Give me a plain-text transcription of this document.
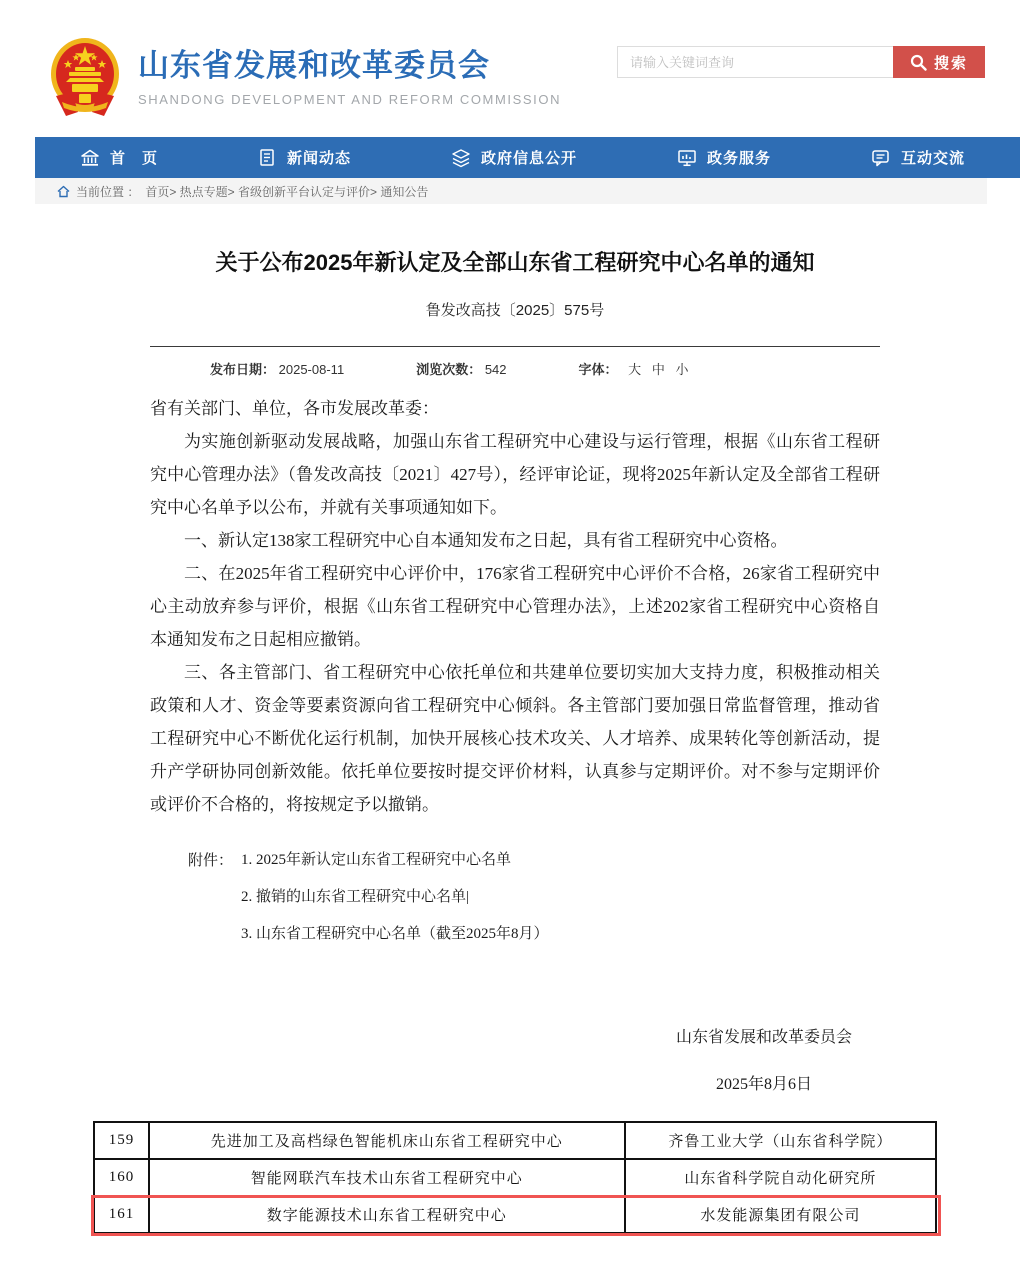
山东省发展和改革委员会
SHANDONG DEVELOPMENT AND REFORM COMMISSION
请输入关键词查询
搜索
首　页	新闻动态	政府信息公开	政务服务	互动交流
当前位置 ： 首页> 热点专题> 省级创新平台认定与评价> 通知公告
关于公布2025年新认定及全部山东省工程研究中心名单的通知
鲁发改高技〔2025〕575号
发布日期： 2025-08-11	浏览次数： 542	字体： 大 中 小

省有关部门、单位，各市发展改革委：

为实施创新驱动发展战略，加强山东省工程研究中心建设与运行管理，根据《山东省工程研究中心管理办法》（鲁发改高技〔2021〕427号），经评审论证，现将2025年新认定及全部省工程研究中心名单予以公布，并就有关事项通知如下。

一、新认定138家工程研究中心自本通知发布之日起，具有省工程研究中心资格。

二、在2025年省工程研究中心评价中，176家省工程研究中心评价不合格，26家省工程研究中心主动放弃参与评价，根据《山东省工程研究中心管理办法》，上述202家省工程研究中心资格自本通知发布之日起相应撤销。

三、各主管部门、省工程研究中心依托单位和共建单位要切实加大支持力度，积极推动相关政策和人才、资金等要素资源向省工程研究中心倾斜。各主管部门要加强日常监督管理，推动省工程研究中心不断优化运行机制，加快开展核心技术攻关、人才培养、成果转化等创新活动，提升产学研协同创新效能。依托单位要按时提交评价材料，认真参与定期评价。对不参与定期评价或评价不合格的，将按规定予以撤销。

附件： 1. 2025年新认定山东省工程研究中心名单
2. 撤销的山东省工程研究中心名单|
3. 山东省工程研究中心名单（截至2025年8月）
山东省发展和改革委员会
2025年8月6日
159	先进加工及高档绿色智能机床山东省工程研究中心	齐鲁工业大学（山东省科学院）
160	智能网联汽车技术山东省工程研究中心	山东省科学院自动化研究所
161	数字能源技术山东省工程研究中心	水发能源集团有限公司
